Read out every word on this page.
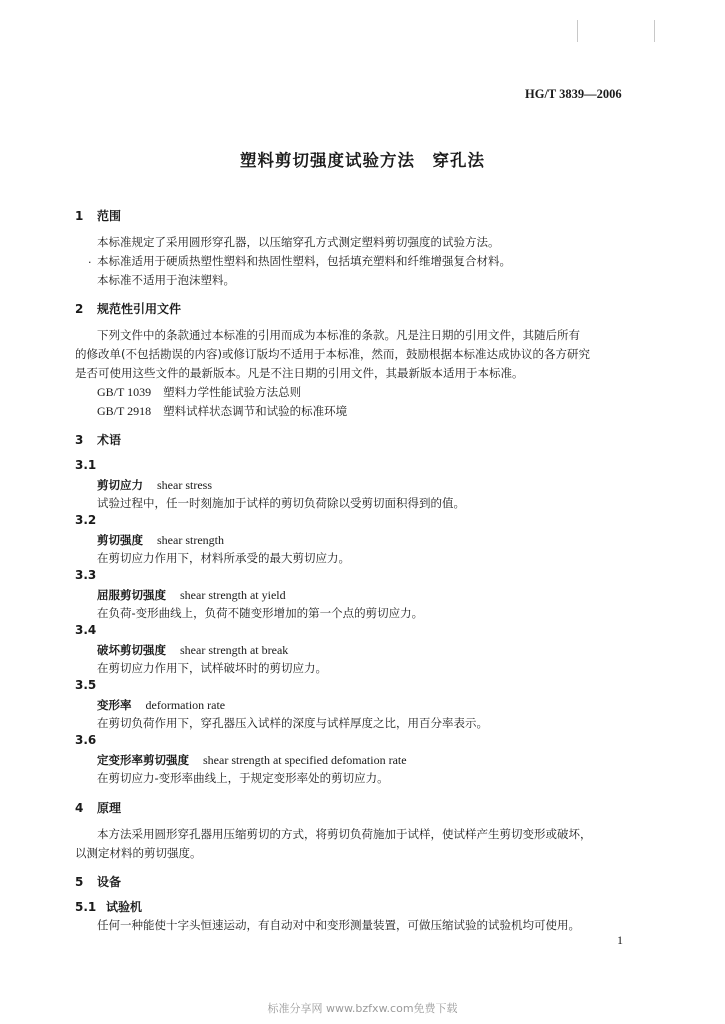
HG/T 3839—2006
塑料剪切强度试验方法　穿孔法
1 范围
本标准规定了采用圆形穿孔器，以压缩穿孔方式测定塑料剪切强度的试验方法。
· 本标准适用于硬质热塑性塑料和热固性塑料，包括填充塑料和纤维增强复合材料。
本标准不适用于泡沫塑料。
2 规范性引用文件
下列文件中的条款通过本标准的引用而成为本标准的条款。凡是注日期的引用文件，其随后所有
的修改单(不包括勘误的内容)或修订版均不适用于本标准，然而，鼓励根据本标准达成协议的各方研究
是否可使用这些文件的最新版本。凡是不注日期的引用文件，其最新版本适用于本标准。
GB/T 1039 塑料力学性能试验方法总则
GB/T 2918 塑料试样状态调节和试验的标准环境
3 术语
3.1
剪切应力 shear stress
试验过程中，任一时刻施加于试样的剪切负荷除以受剪切面积得到的值。
3.2
剪切强度 shear strength
在剪切应力作用下，材料所承受的最大剪切应力。
3.3
屈服剪切强度 shear strength at yield
在负荷-变形曲线上，负荷不随变形增加的第一个点的剪切应力。
3.4
破坏剪切强度 shear strength at break
在剪切应力作用下，试样破坏时的剪切应力。
3.5
变形率 deformation rate
在剪切负荷作用下，穿孔器压入试样的深度与试样厚度之比，用百分率表示。
3.6
定变形率剪切强度 shear strength at specified defomation rate
在剪切应力-变形率曲线上，于规定变形率处的剪切应力。
4 原理
本方法采用圆形穿孔器用压缩剪切的方式，将剪切负荷施加于试样，使试样产生剪切变形或破坏，
以测定材料的剪切强度。
5 设备
5.1 试验机
任何一种能使十字头恒速运动，有自动对中和变形测量装置，可做压缩试验的试验机均可使用。
1
标准分享网 www.bzfxw.com免费下载
